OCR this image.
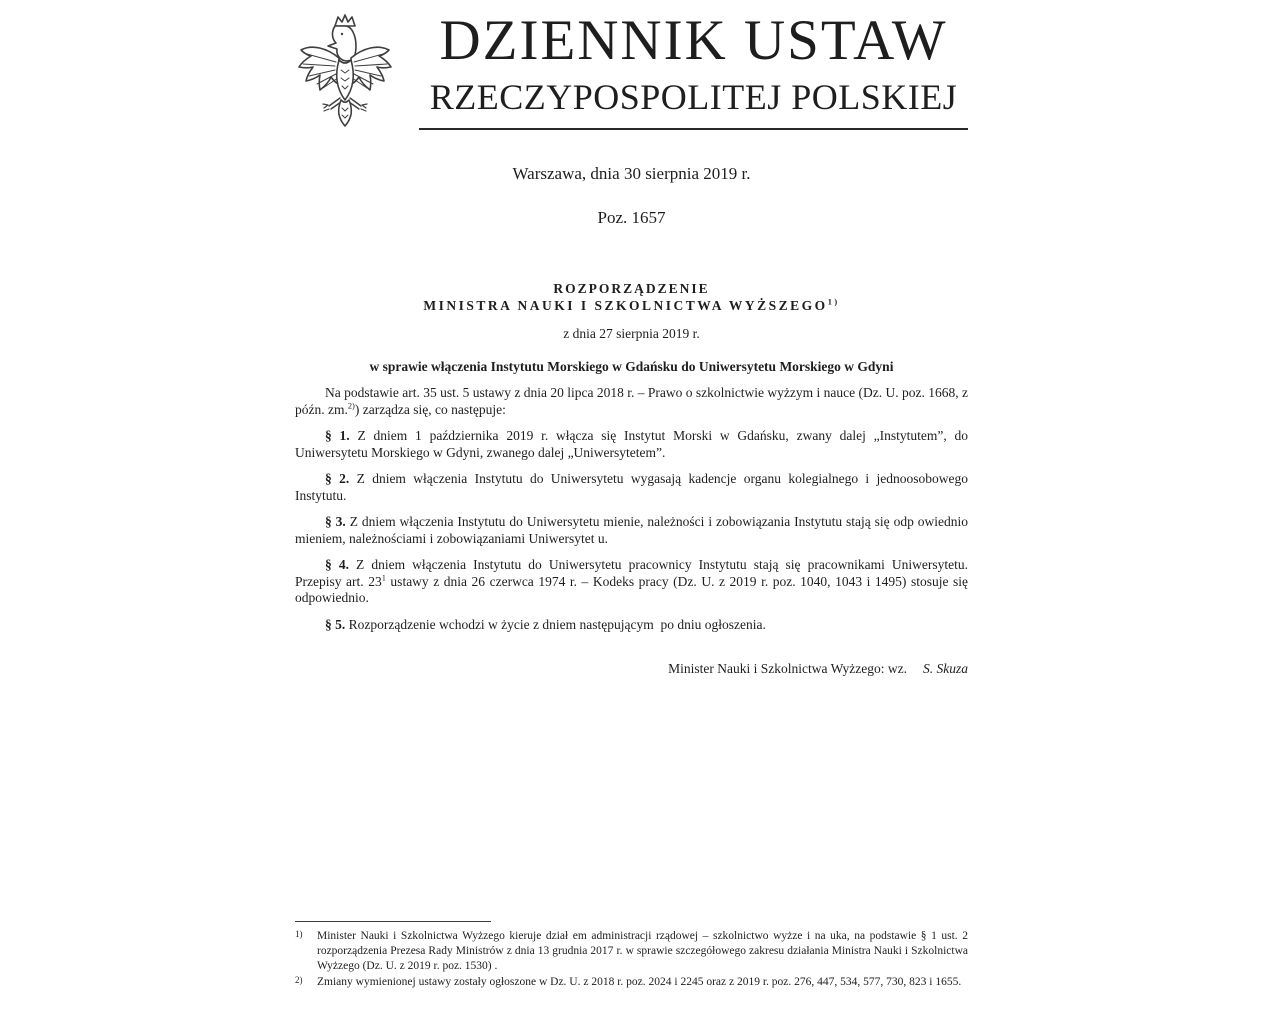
DZIENNIK USTAW
RZECZYPOSPOLITEJ POLSKIEJ
Warszawa, dnia 30 sierpnia 2019 r.
Poz. 1657
ROZPORZĄDZENIE
MINISTRA NAUKI I SZKOLNICTWA WYŻSZEGO$^{1)}$
z dnia 27 sierpnia 2019 r.
w sprawie włączenia Instytutu Morskiego w Gdańsku do Uniwersytetu Morskiego w Gdyni

Na podstawie art. 35 ust. 5 ustawy z dnia 20 lipca 2018 r. – Prawo o szkolnictwie wyżzym i nauce (Dz. U. poz. 1668, z późn. zm.$^{2)}$) zarządza się, co następuje:

§ 1. Z dniem 1 października 2019 r. włącza się Instytut Morski w Gdańsku, zwany dalej „Instytutem”, do Uniwersytetu Morskiego w Gdyni, zwanego dalej „Uniwersytetem”.

§ 2. Z dniem włączenia Instytutu do Uniwersytetu wygasają kadencje organu kolegialnego i jednoosobowego Instytutu.

§ 3. Z dniem włączenia Instytutu do Uniwersytetu mienie, należności i zobowiązania Instytutu stają się odp owiednio mieniem, należnościami i zobowiązaniami Uniwersytet u.

§ 4. Z dniem włączenia Instytutu do Uniwersytetu pracownicy Instytutu stają się pracownikami Uniwersytetu. Przepisy art. $23^1$ ustawy z dnia 26 czerwca 1974 r. – Kodeks pracy (Dz. U. z 2019 r. poz. 1040, 1043 i 1495) stosuje się odpowiednio.

§ 5. Rozporządzenie wchodzi w życie z dniem następującym  po dniu ogłoszenia.

Minister Nauki i Szkolnictwa Wyżzego: wz. S. Skuza
1)	Minister Nauki i Szkolnictwa Wyżzego kieruje dział em administracji rządowej – szkolnictwo wyżze i na uka, na podstawie § 1 ust. 2 rozporządzenia Prezesa Rady Ministrów z dnia 13 grudnia 2017 r. w sprawie szczegółowego zakresu działania Ministra Nauki i Szkolnictwa Wyżzego (Dz. U. z 2019 r. poz. 1530) .
2)	Zmiany wymienionej ustawy zostały ogłoszone w Dz. U. z 2018 r. poz. 2024 i 2245 oraz z 2019 r. poz. 276, 447, 534, 577, 730, 823 i 1655.
